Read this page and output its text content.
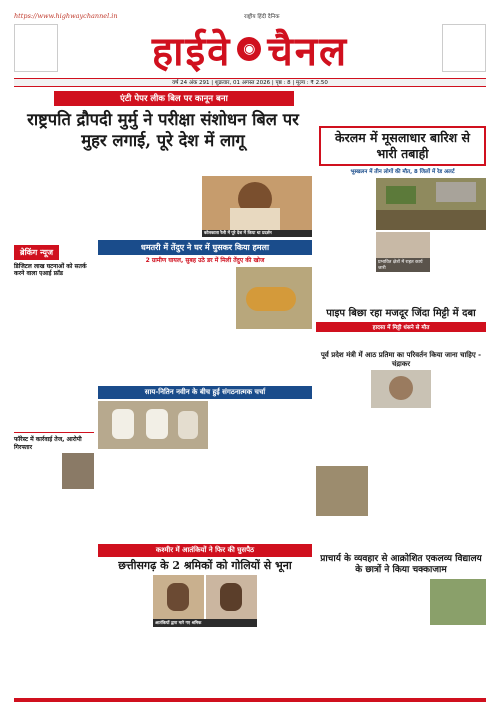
https://www.highwaychannel.in	राष्ट्रीय हिंदी दैनिक
हाईवे ◉ चैनल
वर्ष 24 अंक 291 | शुक्रवार, 01 अगस्त 2026 | पृष्ठ : 8 | मूल्य : ₹ 2.50
एंटी पेपर लीक बिल पर कानून बना
राष्ट्रपति द्रौपदी मुर्मु ने परीक्षा संशोधन बिल पर मुहर लगाई, पूरे देश में लागू
कोलकाता रैली में पूरे देश में किया था प्रदर्शन
केरलम में मूसलाधार बारिश से भारी तबाही
भूस्खलन में तीन लोगों की मौत, 8 जिलों में रेड अलर्ट
प्रभावित क्षेत्रों में राहत कार्य जारी
ब्रेकिंग न्यूज
डिजिटल लाख घटनाओं को सतर्क करने वाला एआई फ्रॉड
फॉरेस्ट में कार्रवाई तेज, आरोपी गिरफ्तार
धमतरी में तेंदुए ने घर में घुसकर किया हमला
2 ग्रामीण घायल, सुबह उठे डर में मिली तेंदुए की खोज
साय-नितिन नवीन के बीच हुई संगठनात्मक चर्चा
पूर्व प्रदेश मंत्री में आठ प्रतिमा का परिवर्तन किया जाना चाहिए - चंद्राकर
पाइप बिछा रहा मजदूर जिंदा मिट्टी में दबा
हादसा में मिट्टी धंसने से मौत
कश्मीर में आतंकियों ने फिर की घुसपैठ
छत्तीसगढ़ के 2 श्रमिकों को गोलियों से भूना
आतंकियों द्वारा मारे गए श्रमिक
प्राचार्य के व्यवहार से आक्रोशित एकलव्य विद्यालय के छात्रों ने किया चक्काजाम
